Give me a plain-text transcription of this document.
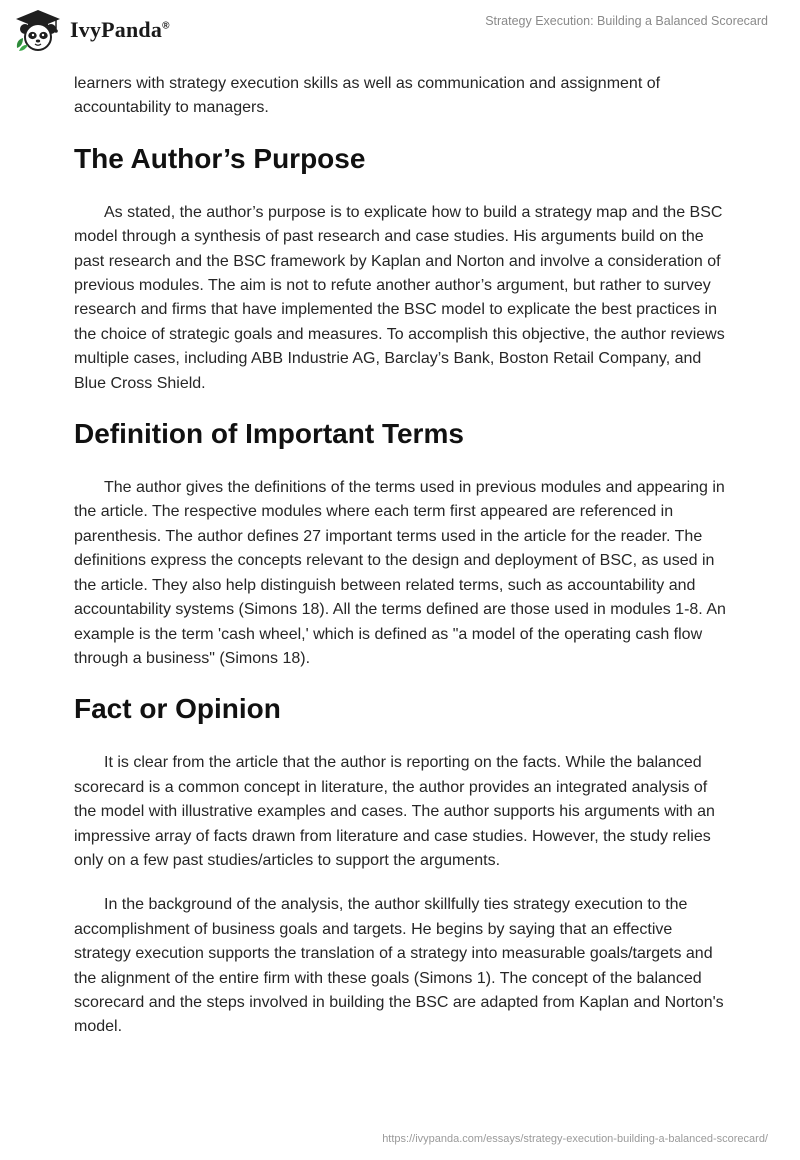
IvyPanda®	Strategy Execution: Building a Balanced Scorecard

learners with strategy execution skills as well as communication and assignment of accountability to managers.

The Author’s Purpose

As stated, the author’s purpose is to explicate how to build a strategy map and the BSC model through a synthesis of past research and case studies. His arguments build on the past research and the BSC framework by Kaplan and Norton and involve a consideration of previous modules. The aim is not to refute another author’s argument, but rather to survey research and firms that have implemented the BSC model to explicate the best practices in the choice of strategic goals and measures. To accomplish this objective, the author reviews multiple cases, including ABB Industrie AG, Barclay’s Bank, Boston Retail Company, and Blue Cross Shield.

Definition of Important Terms

The author gives the definitions of the terms used in previous modules and appearing in the article. The respective modules where each term first appeared are referenced in parenthesis. The author defines 27 important terms used in the article for the reader. The definitions express the concepts relevant to the design and deployment of BSC, as used in the article. They also help distinguish between related terms, such as accountability and accountability systems (Simons 18). All the terms defined are those used in modules 1-8. An example is the term 'cash wheel,' which is defined as "a model of the operating cash flow through a business" (Simons 18).

Fact or Opinion

It is clear from the article that the author is reporting on the facts. While the balanced scorecard is a common concept in literature, the author provides an integrated analysis of the model with illustrative examples and cases. The author supports his arguments with an impressive array of facts drawn from literature and case studies. However, the study relies only on a few past studies/articles to support the arguments.

In the background of the analysis, the author skillfully ties strategy execution to the accomplishment of business goals and targets. He begins by saying that an effective strategy execution supports the translation of a strategy into measurable goals/targets and the alignment of the entire firm with these goals (Simons 1). The concept of the balanced scorecard and the steps involved in building the BSC are adapted from Kaplan and Norton's model.

https://ivypanda.com/essays/strategy-execution-building-a-balanced-scorecard/
